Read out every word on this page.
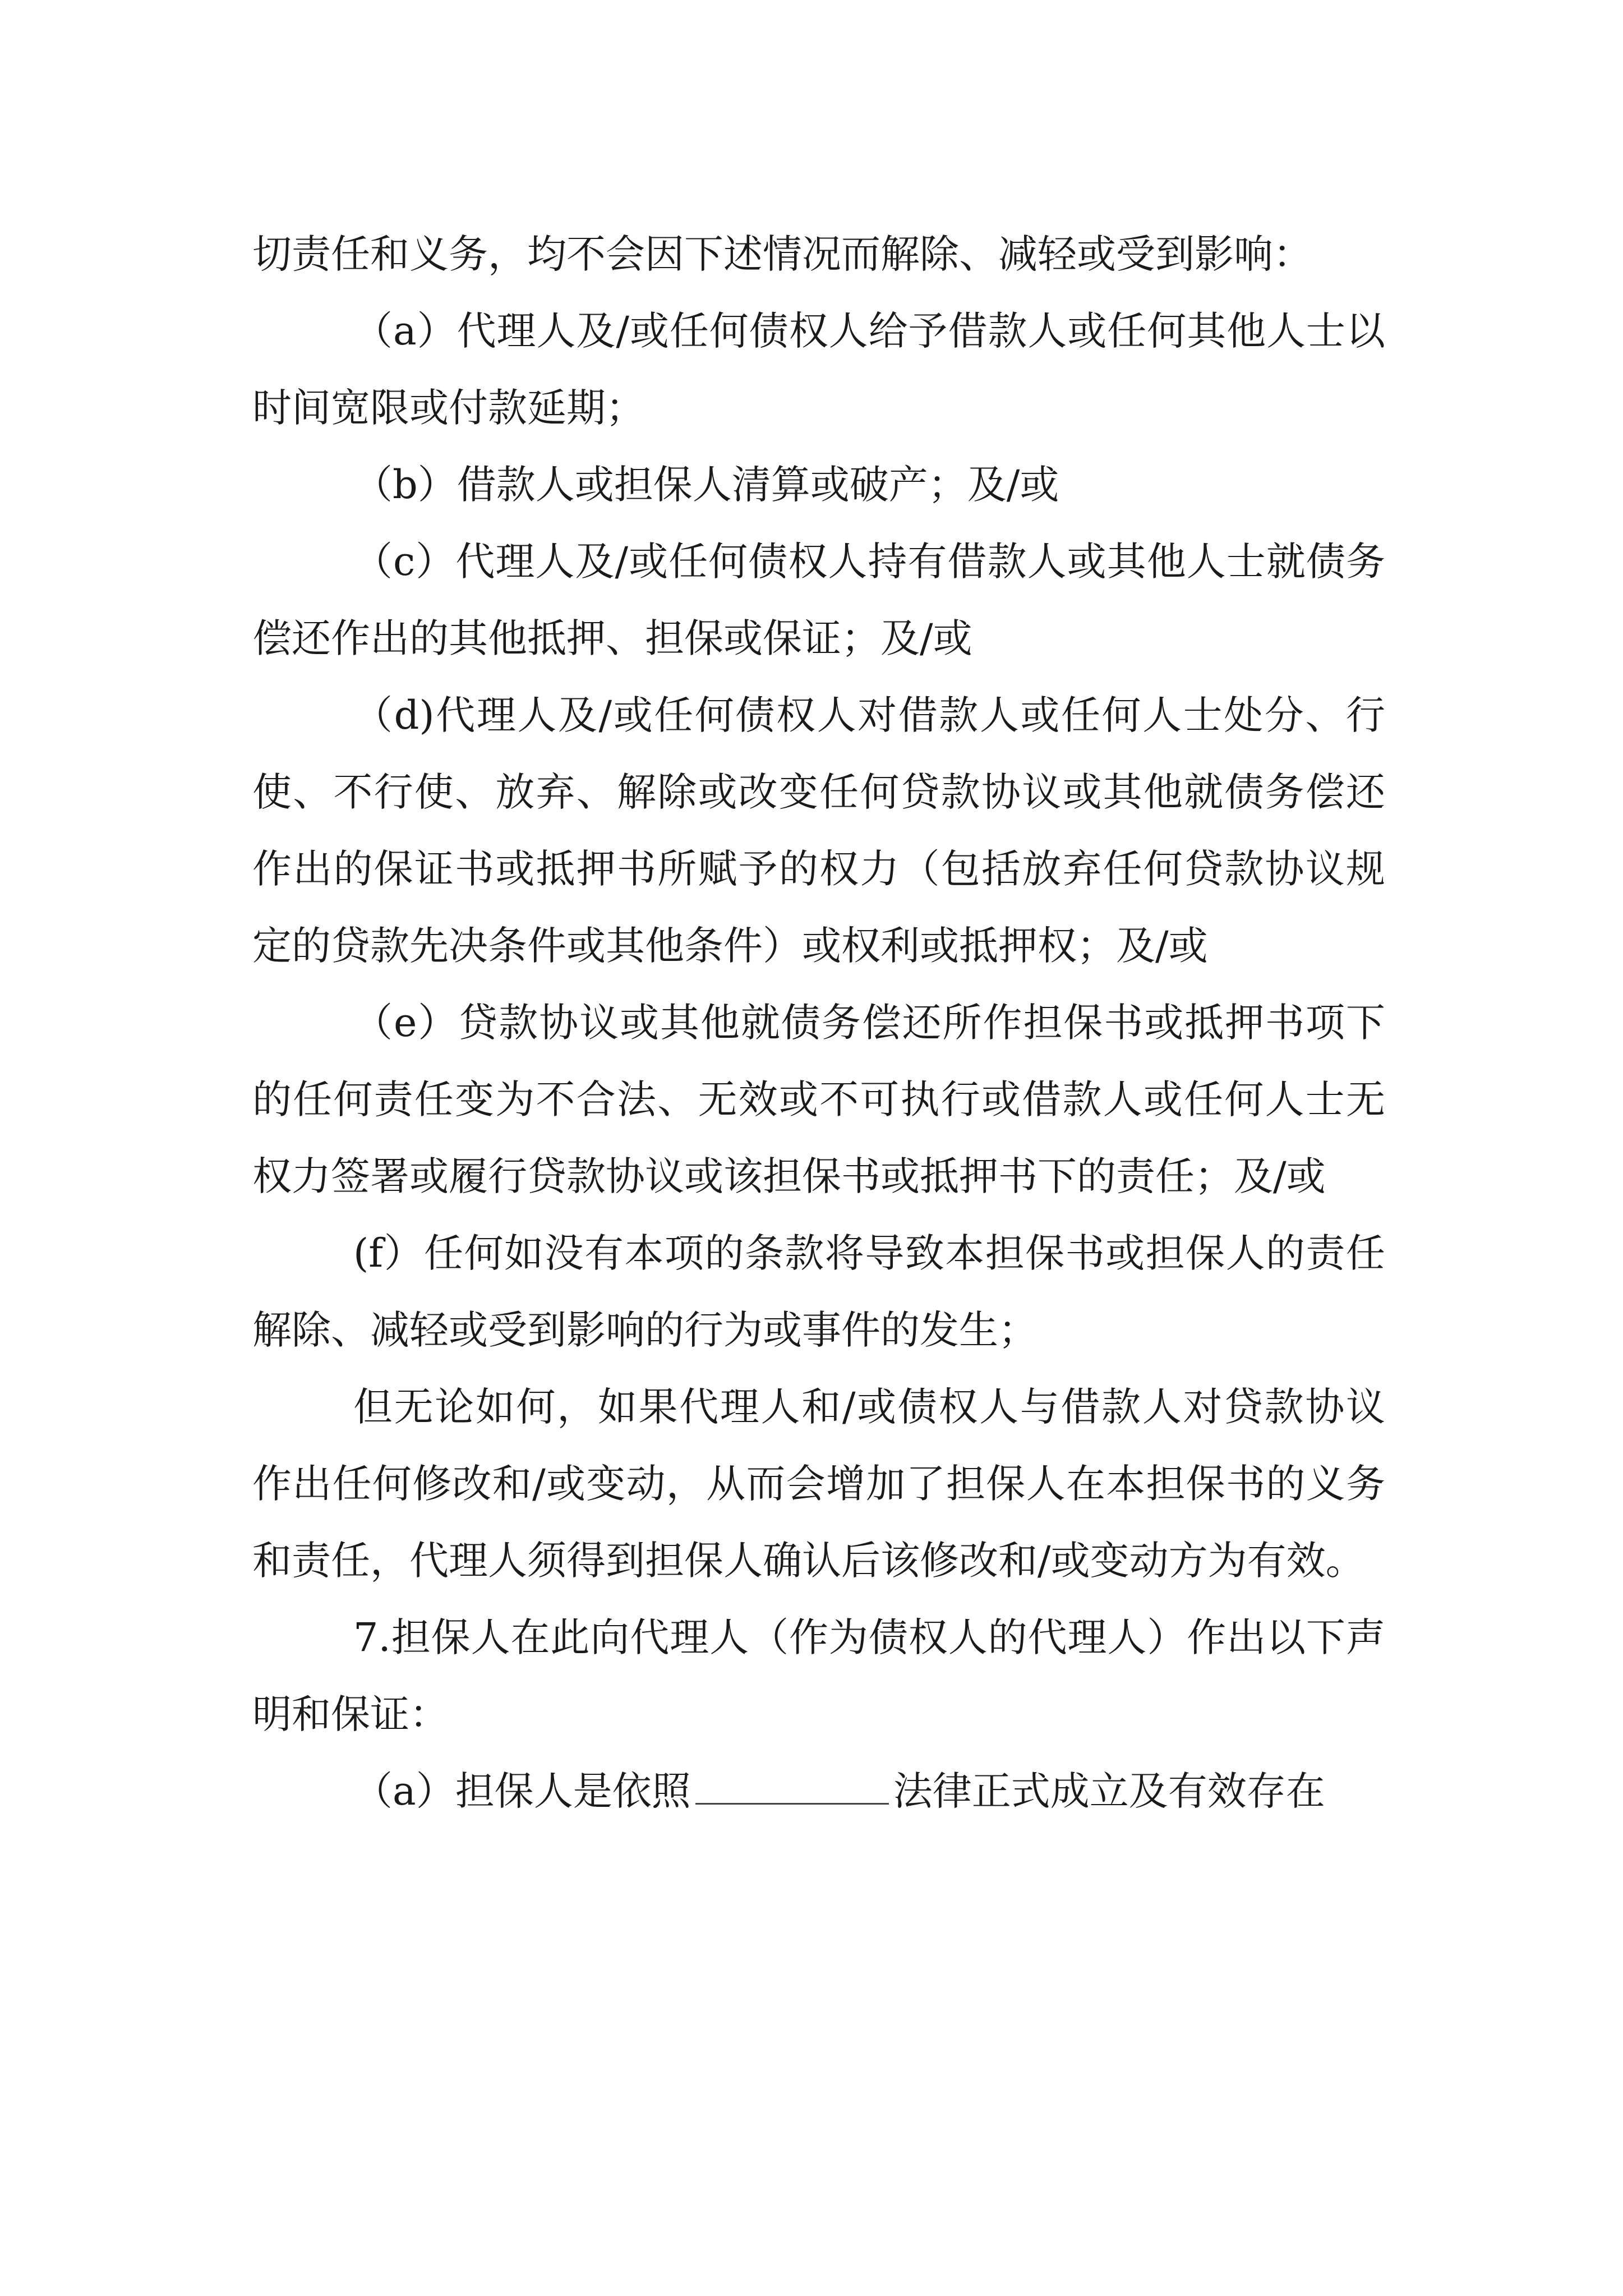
切责任和义务，均不会因下述情况而解除、减轻或受到影响：

（a）代理人及/或任何债权人给予借款人或任何其他人士以时间宽限或付款延期；

（b）借款人或担保人清算或破产；及/或

（c）代理人及/或任何债权人持有借款人或其他人士就债务偿还作出的其他抵押、担保或保证；及/或

（d)代理人及/或任何债权人对借款人或任何人士处分、行使、不行使、放弃、解除或改变任何贷款协议或其他就债务偿还作出的保证书或抵押书所赋予的权力（包括放弃任何贷款协议规定的贷款先决条件或其他条件）或权利或抵押权；及/或

（e）贷款协议或其他就债务偿还所作担保书或抵押书项下的任何责任变为不合法、无效或不可执行或借款人或任何人士无权力签署或履行贷款协议或该担保书或抵押书下的责任；及/或

(f）任何如没有本项的条款将导致本担保书或担保人的责任解除、减轻或受到影响的行为或事件的发生；

但无论如何，如果代理人和/或债权人与借款人对贷款协议作出任何修改和/或变动，从而会增加了担保人在本担保书的义务和责任，代理人须得到担保人确认后该修改和/或变动方为有效。

7.担保人在此向代理人（作为债权人的代理人）作出以下声明和保证：

（a）担保人是依照	法律正式成立及有效存在
